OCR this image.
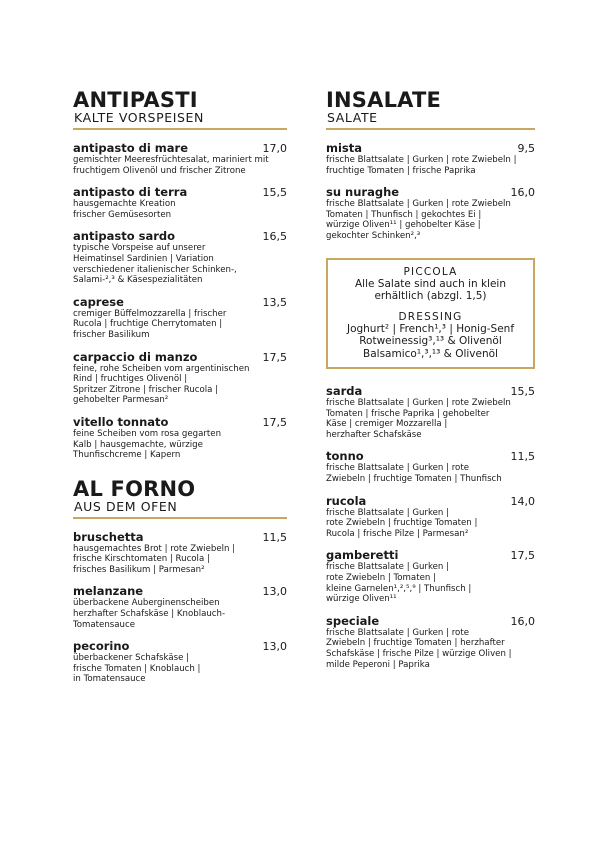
ANTIPASTI
KALTE VORSPEISEN
antipasto di mare	17,0
gemischter Meeresfrüchtesalat, mariniert mit
fruchtigem Olivenöl und frischer Zitrone
antipasto di terra	15,5
hausgemachte Kreation
frischer Gemüsesorten
antipasto sardo	16,5
typische Vorspeise auf unserer
Heimatinsel Sardinien | Variation
verschiedener italienischer Schinken-,
Salami-²,³ & Käsespezialitäten
caprese	13,5
cremiger Büffelmozzarella | frischer
Rucola | fruchtige Cherrytomaten |
frischer Basilikum
carpaccio di manzo	17,5
feine, rohe Scheiben vom argentinischen
Rind | fruchtiges Olivenöl |
Spritzer Zitrone | frischer Rucola |
gehobelter Parmesan²
vitello tonnato	17,5
feine Scheiben vom rosa gegarten
Kalb | hausgemachte, würzige
Thunfischcreme | Kapern
AL FORNO
AUS DEM OFEN
bruschetta	11,5
hausgemachtes Brot | rote Zwiebeln |
frische Kirschtomaten | Rucola |
frisches Basilikum | Parmesan²
melanzane	13,0
überbackene Auberginenscheiben
herzhafter Schafskäse | Knoblauch-
Tomatensauce
pecorino	13,0
überbackener Schafskäse |
frische Tomaten | Knoblauch |
in Tomatensauce
INSALATE
SALATE
mista	9,5
frische Blattsalate | Gurken | rote Zwiebeln |
fruchtige Tomaten | frische Paprika
su nuraghe	16,0
frische Blattsalate | Gurken | rote Zwiebeln
Tomaten | Thunfisch | gekochtes Ei |
würzige Oliven¹¹ | gehobelter Käse |
gekochter Schinken²,³
PICCOLA
Alle Salate sind auch in klein
erhältlich (abzgl. 1,5)
DRESSING
Joghurt² | French¹,³ | Honig-Senf
Rotweinessig³,¹³ & Olivenöl
Balsamico¹,³,¹³ & Olivenöl
sarda	15,5
frische Blattsalate | Gurken | rote Zwiebeln
Tomaten | frische Paprika | gehobelter
Käse | cremiger Mozzarella |
herzhafter Schafskäse
tonno	11,5
frische Blattsalate | Gurken | rote
Zwiebeln | fruchtige Tomaten | Thunfisch
rucola	14,0
frische Blattsalate | Gurken |
rote Zwiebeln | fruchtige Tomaten |
Rucola | frische Pilze | Parmesan²
gamberetti	17,5
frische Blattsalate | Gurken |
rote Zwiebeln | Tomaten |
kleine Garnelen¹,²,⁵,⁹ | Thunfisch |
würzige Oliven¹¹
speciale	16,0
frische Blattsalate | Gurken | rote
Zwiebeln | fruchtige Tomaten | herzhafter
Schafskäse | frische Pilze | würzige Oliven |
milde Peperoni | Paprika
